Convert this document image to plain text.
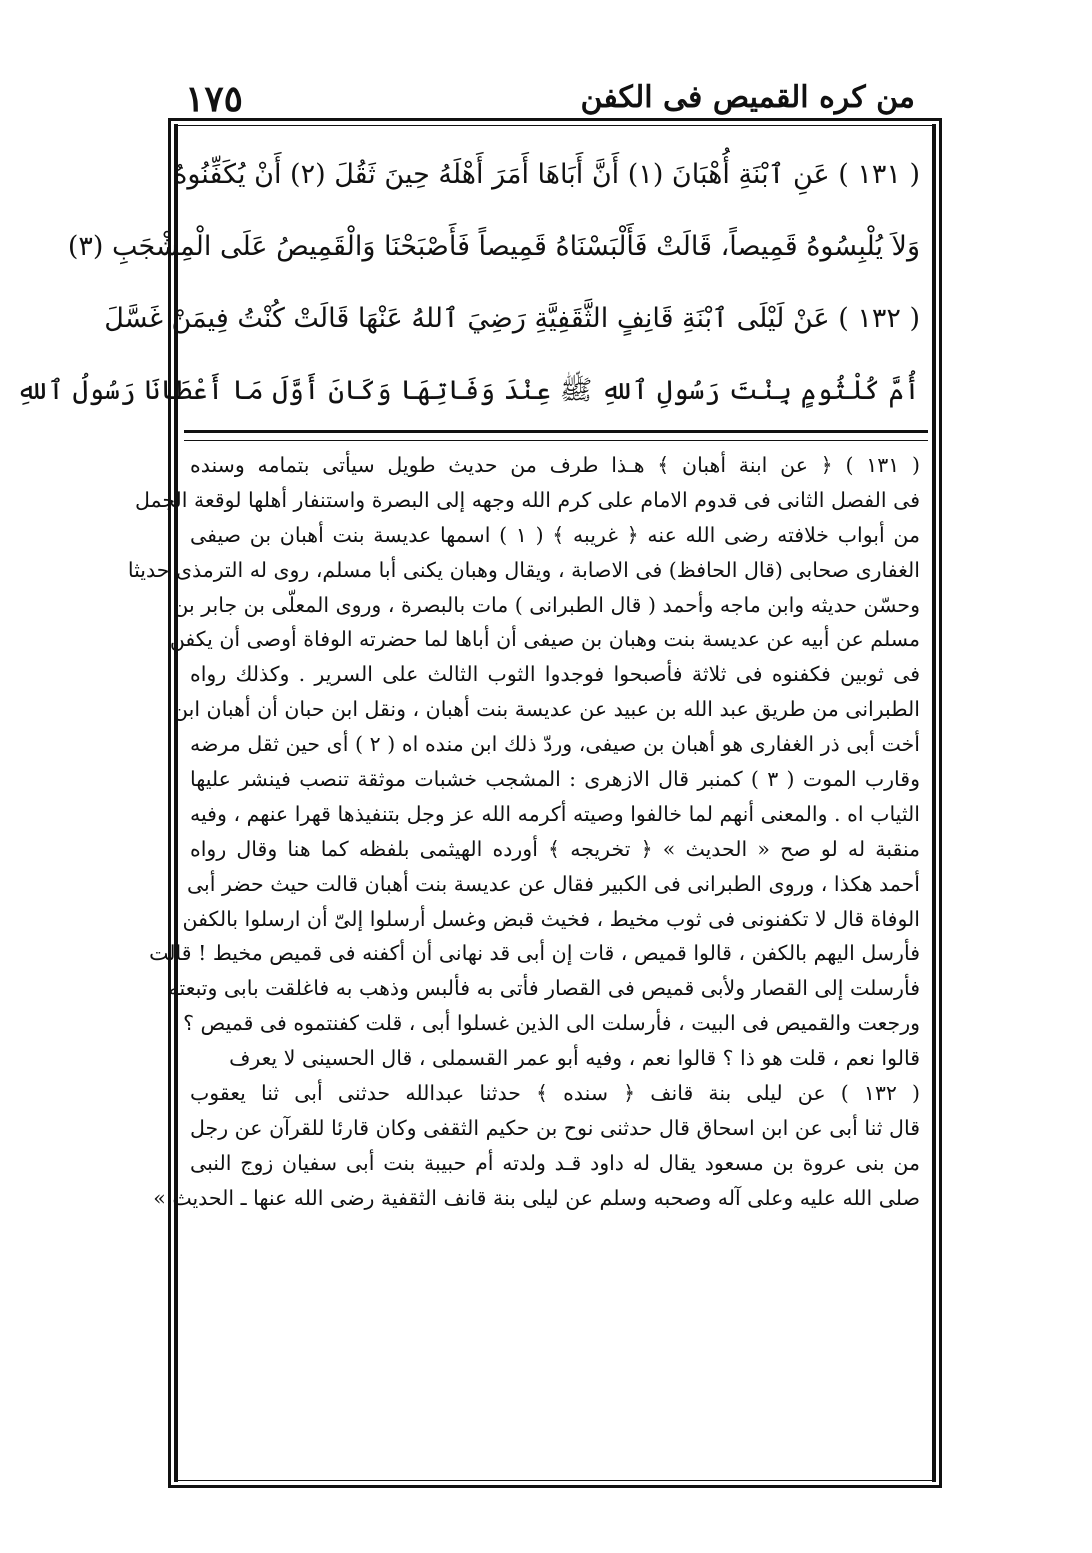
١٧٥	من كره القميص فى الكفن
( ١٣١ ) عَنِ ٱبْنَةِ أُهْبَانَ (١) أَنَّ أَبَاهَا أَمَرَ أَهْلَهُ حِينَ ثَقُلَ (٢) أَنْ يُكَفِّنُوهُ
وَلاَ يُلْبِسُوهُ قَمِيصاً، قَالَتْ فَأَلْبَسْنَاهُ قَمِيصاً فَأَصْبَحْنَا وَالْقَمِيصُ عَلَى الْمِشْجَبِ (٣)
( ١٣٢ ) عَنْ لَيْلَى ٱبْنَةِ قَانِفٍ الثَّقَفِيَّةِ رَضِيَ ٱللهُ عَنْهَا قَالَتْ كُنْتُ فِيمَنْ غَسَّلَ
أُمَّ كُلْثُومٍ بِنْتَ رَسُولِ ٱللهِ ﷺ عِنْدَ وَفَاتِهَا وَكَانَ أَوَّلَ مَا أَعْطَانَا رَسُولُ ٱللهِ
( ١٣١ ) ﴿ عن ابنة أهبان ﴾ هـذا طرف من حديث طويل سيأتى بتمامه وسنده
فى الفصل الثانى فى قدوم الامام على كرم الله وجهه إلى البصرة واستنفار أهلها لوقعة الجمل
من أبواب خلافته رضى الله عنه ﴿ غريبه ﴾ ( ١ ) اسمها عديسة بنت أهبان بن صيفى
الغفارى صحابى (قال الحافظ) فى الاصابة ، ويقال وهبان يكنى أبا مسلم، روى له الترمذى حديثا
وحسّن حديثه وابن ماجه وأحمد ( قال الطبرانى ) مات بالبصرة ، وروى المعلّى بن جابر بن
مسلم عن أبيه عن عديسة بنت وهبان بن صيفى أن أباها لما حضرته الوفاة أوصى أن يكفن
فى ثوبين فكفنوه فى ثلاثة فأصبحوا فوجدوا الثوب الثالث على السرير . وكذلك رواه
الطبرانى من طريق عبد الله بن عبيد عن عديسة بنت أهبان ، ونقل ابن حبان أن أهبان ابن
أخت أبى ذر الغفارى هو أهبان بن صيفى، وردّ ذلك ابن منده اه ( ٢ ) أى حين ثقل مرضه
وقارب الموت ( ٣ ) كمنبر قال الازهرى : المشجب خشبات موثقة تنصب فينشر عليها
الثياب اه . والمعنى أنهم لما خالفوا وصيته أكرمه الله عز وجل بتنفيذها قهرا عنهم ، وفيه
منقبة له لو صح « الحديث » ﴿ تخريجه ﴾ أورده الهيثمى بلفظه كما هنا وقال رواه
أحمد هكذا ، وروى الطبرانى فى الكبير فقال عن عديسة بنت أهبان قالت حيث حضر أبى
الوفاة قال لا تكفنونى فى ثوب مخيط ، فخيث قبض وغسل أرسلوا إلىّ أن ارسلوا بالكفن
فأرسل اليهم بالكفن ، قالوا قميص ، قات إن أبى قد نهانى أن أكفنه فى قميص مخيط ! قالت
فأرسلت إلى القصار ولأبى قميص فى القصار فأتى به فألبس وذهب به فاغلقت بابى وتبعته
ورجعت والقميص فى البيت ، فأرسلت الى الذين غسلوا أبى ، قلت كفنتموه فى قميص ؟
قالوا نعم ، قلت هو ذا ؟ قالوا نعم ، وفيه أبو عمر القسملى ، قال الحسينى لا يعرف
( ١٣٢ ) عن ليلى بنة قانف ﴿ سنده ﴾ حدثنا عبدالله حدثنى أبى ثنا يعقوب
قال ثنا أبى عن ابن اسحاق قال حدثنى نوح بن حكيم الثقفى وكان قارئا للقرآن عن رجل
من بنى عروة بن مسعود يقال له داود قـد ولدته أم حبيبة بنت أبى سفيان زوج النبى
صلى الله عليه وعلى آله وصحبه وسلم عن ليلى بنة قانف الثقفية رضى الله عنها ـ الحديث »
